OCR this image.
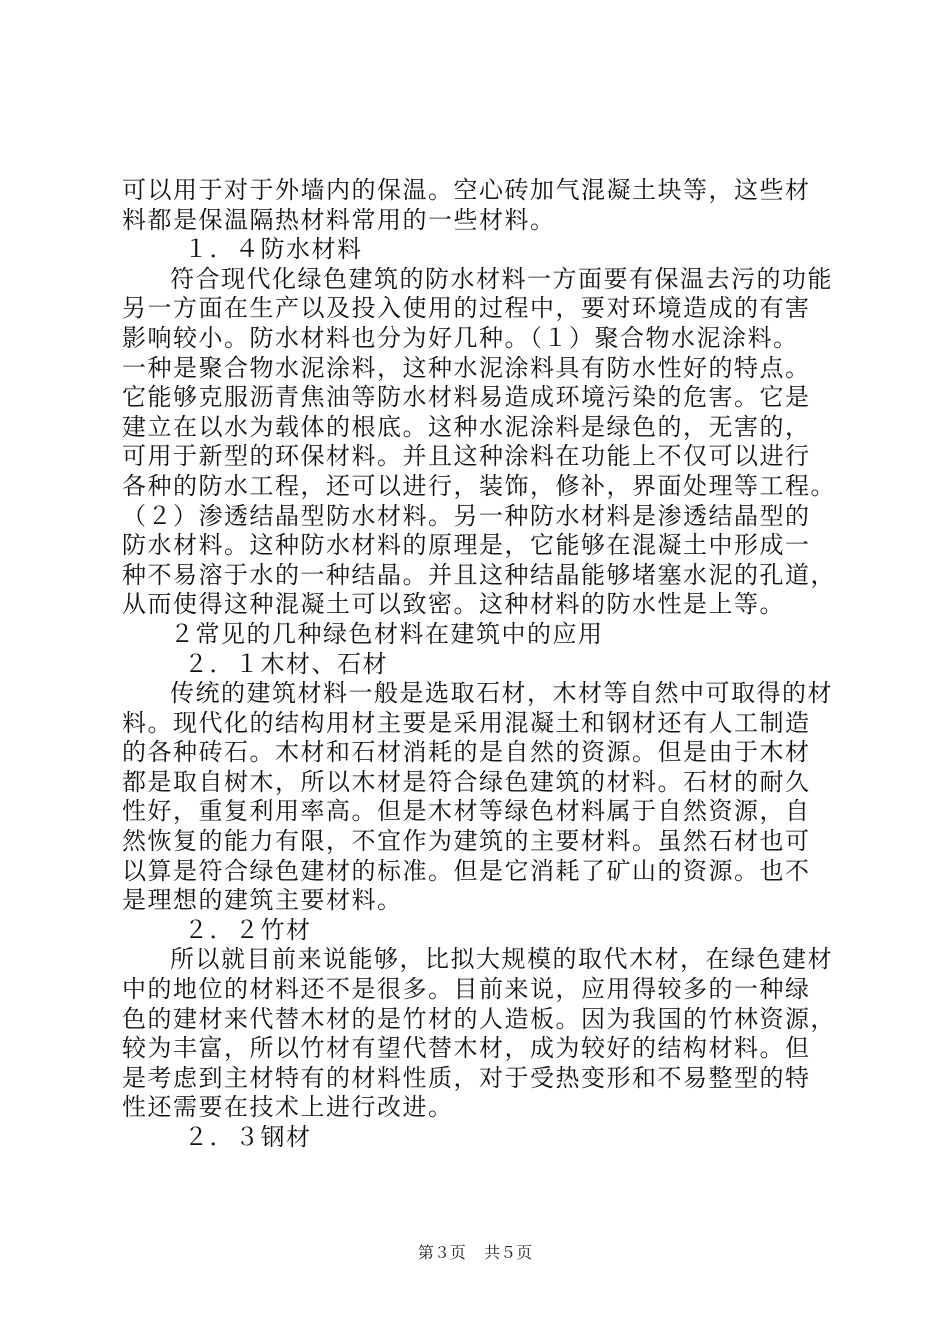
可以用于对于外墙内的保温。空心砖加气混凝土块等，这些材
料都是保温隔热材料常用的一些材料。
１．４防水材料
符合现代化绿色建筑的防水材料一方面要有保温去污的功能
另一方面在生产以及投入使用的过程中，要对环境造成的有害
影响较小。防水材料也分为好几种。（１）聚合物水泥涂料。
一种是聚合物水泥涂料，这种水泥涂料具有防水性好的特点。
它能够克服沥青焦油等防水材料易造成环境污染的危害。它是
建立在以水为载体的根底。这种水泥涂料是绿色的，无害的，
可用于新型的环保材料。并且这种涂料在功能上不仅可以进行
各种的防水工程，还可以进行，装饰，修补，界面处理等工程。
（２）渗透结晶型防水材料。另一种防水材料是渗透结晶型的
防水材料。这种防水材料的原理是，它能够在混凝土中形成一
种不易溶于水的一种结晶。并且这种结晶能够堵塞水泥的孔道，
从而使得这种混凝土可以致密。这种材料的防水性是上等。
２常见的几种绿色材料在建筑中的应用
２．１木材、石材
传统的建筑材料一般是选取石材，木材等自然中可取得的材
料。现代化的结构用材主要是采用混凝土和钢材还有人工制造
的各种砖石。木材和石材消耗的是自然的资源。但是由于木材
都是取自树木，所以木材是符合绿色建筑的材料。石材的耐久
性好，重复利用率高。但是木材等绿色材料属于自然资源，自
然恢复的能力有限，不宜作为建筑的主要材料。虽然石材也可
以算是符合绿色建材的标准。但是它消耗了矿山的资源。也不
是理想的建筑主要材料。
２．２竹材
所以就目前来说能够，比拟大规模的取代木材，在绿色建材
中的地位的材料还不是很多。目前来说，应用得较多的一种绿
色的建材来代替木材的是竹材的人造板。因为我国的竹林资源，
较为丰富，所以竹材有望代替木材，成为较好的结构材料。但
是考虑到主材特有的材料性质，对于受热变形和不易整型的特
性还需要在技术上进行改进。
２．３钢材
第３页 共５页
